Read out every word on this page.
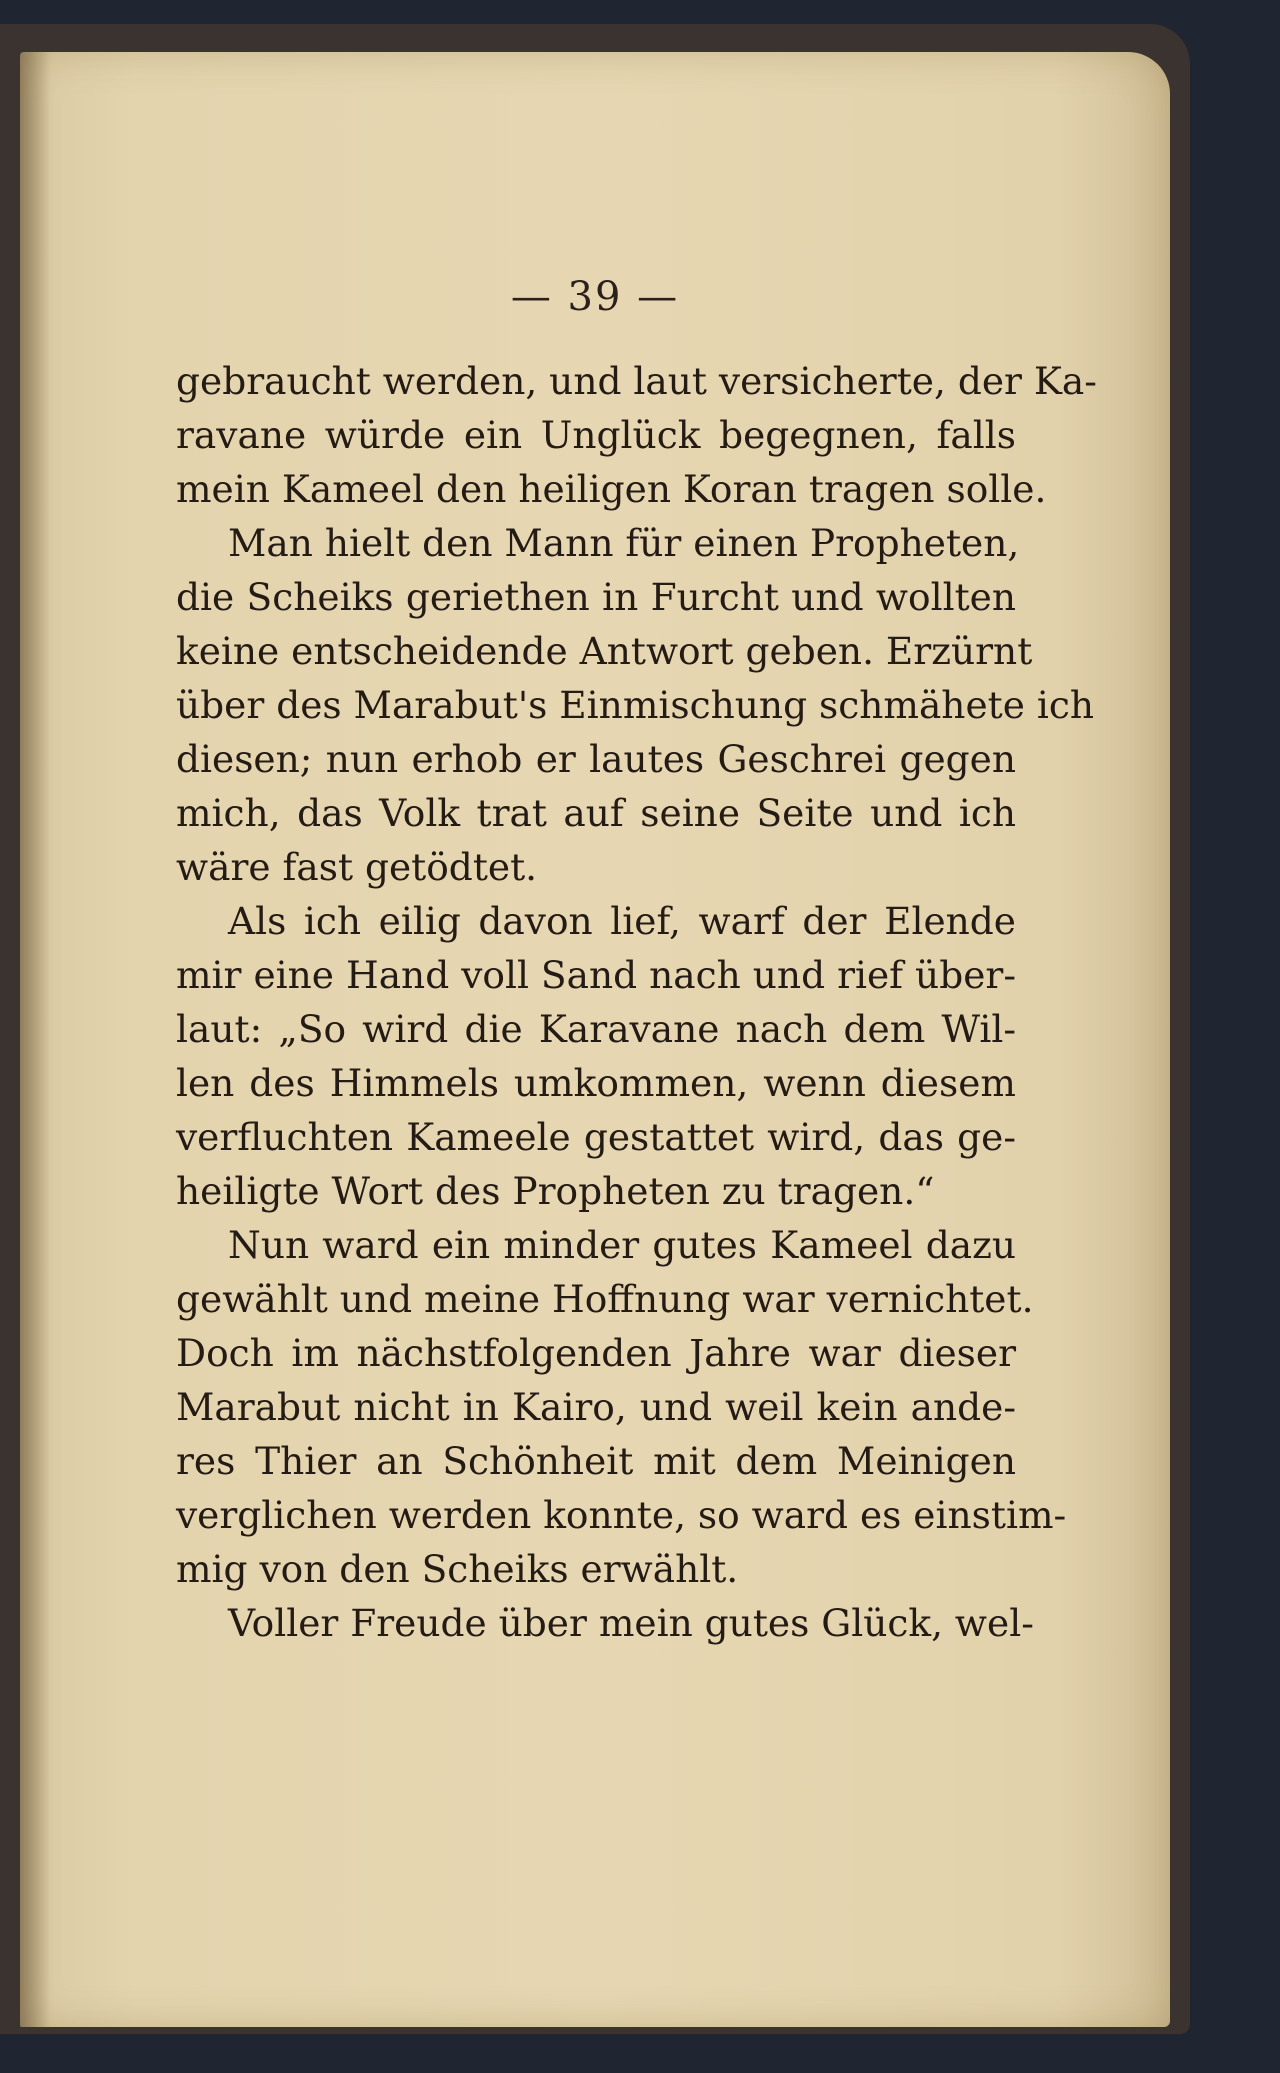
— 39 —
gebraucht werden, und laut versicherte, der Ka-
ravane würde ein Unglück begegnen, falls
mein Kameel den heiligen Koran tragen solle.
Man hielt den Mann für einen Propheten,
die Scheiks geriethen in Furcht und wollten
keine entscheidende Antwort geben. Erzürnt
über des Marabut's Einmischung schmähete ich
diesen; nun erhob er lautes Geschrei gegen
mich, das Volk trat auf seine Seite und ich
wäre fast getödtet.
Als ich eilig davon lief, warf der Elende
mir eine Hand voll Sand nach und rief über-
laut: „So wird die Karavane nach dem Wil-
len des Himmels umkommen, wenn diesem
verfluchten Kameele gestattet wird, das ge-
heiligte Wort des Propheten zu tragen.“
Nun ward ein minder gutes Kameel dazu
gewählt und meine Hoffnung war vernichtet.
Doch im nächstfolgenden Jahre war dieser
Marabut nicht in Kairo, und weil kein ande-
res Thier an Schönheit mit dem Meinigen
verglichen werden konnte, so ward es einstim-
mig von den Scheiks erwählt.
Voller Freude über mein gutes Glück, wel-
